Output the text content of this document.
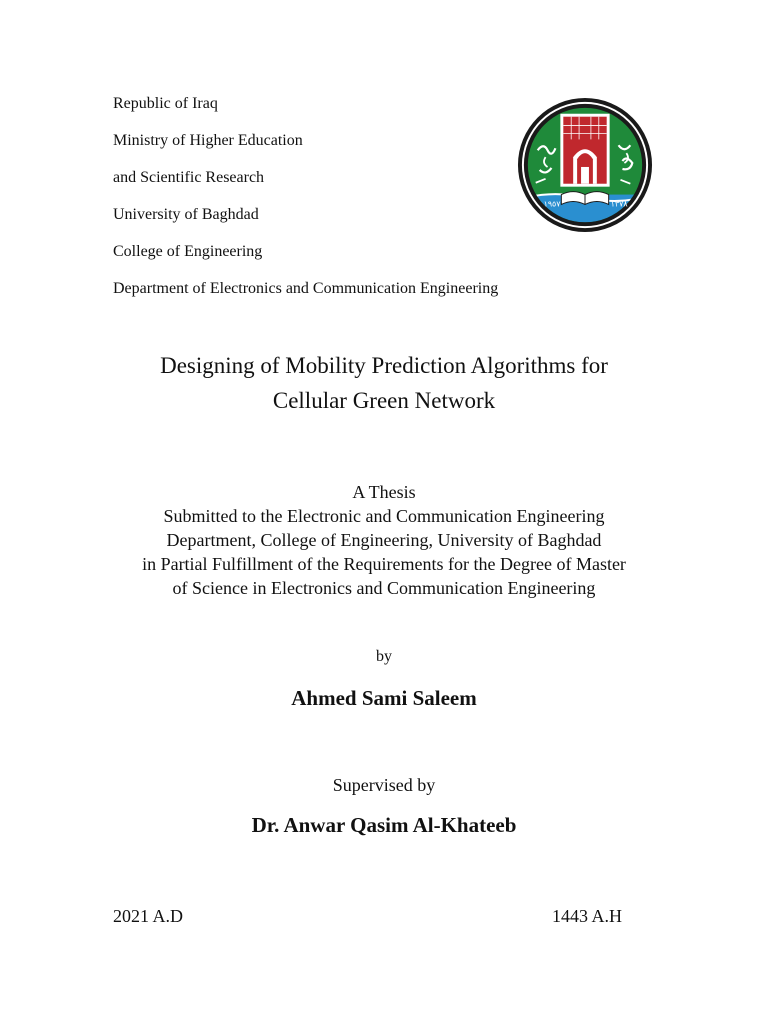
Republic of Iraq
Ministry of Higher Education
and Scientific Research
University of Baghdad
College of Engineering
Department of Electronics and Communication Engineering
١٩٥٧	١٣٧٨
Designing of Mobility Prediction Algorithms for
Cellular Green Network
A Thesis
Submitted to the Electronic and Communication Engineering
Department, College of Engineering, University of Baghdad
in Partial Fulfillment of the Requirements for the Degree of Master
of Science in Electronics and Communication Engineering
by
Ahmed Sami Saleem
Supervised by
Dr. Anwar Qasim Al-Khateeb
2021 A.D	1443 A.H
